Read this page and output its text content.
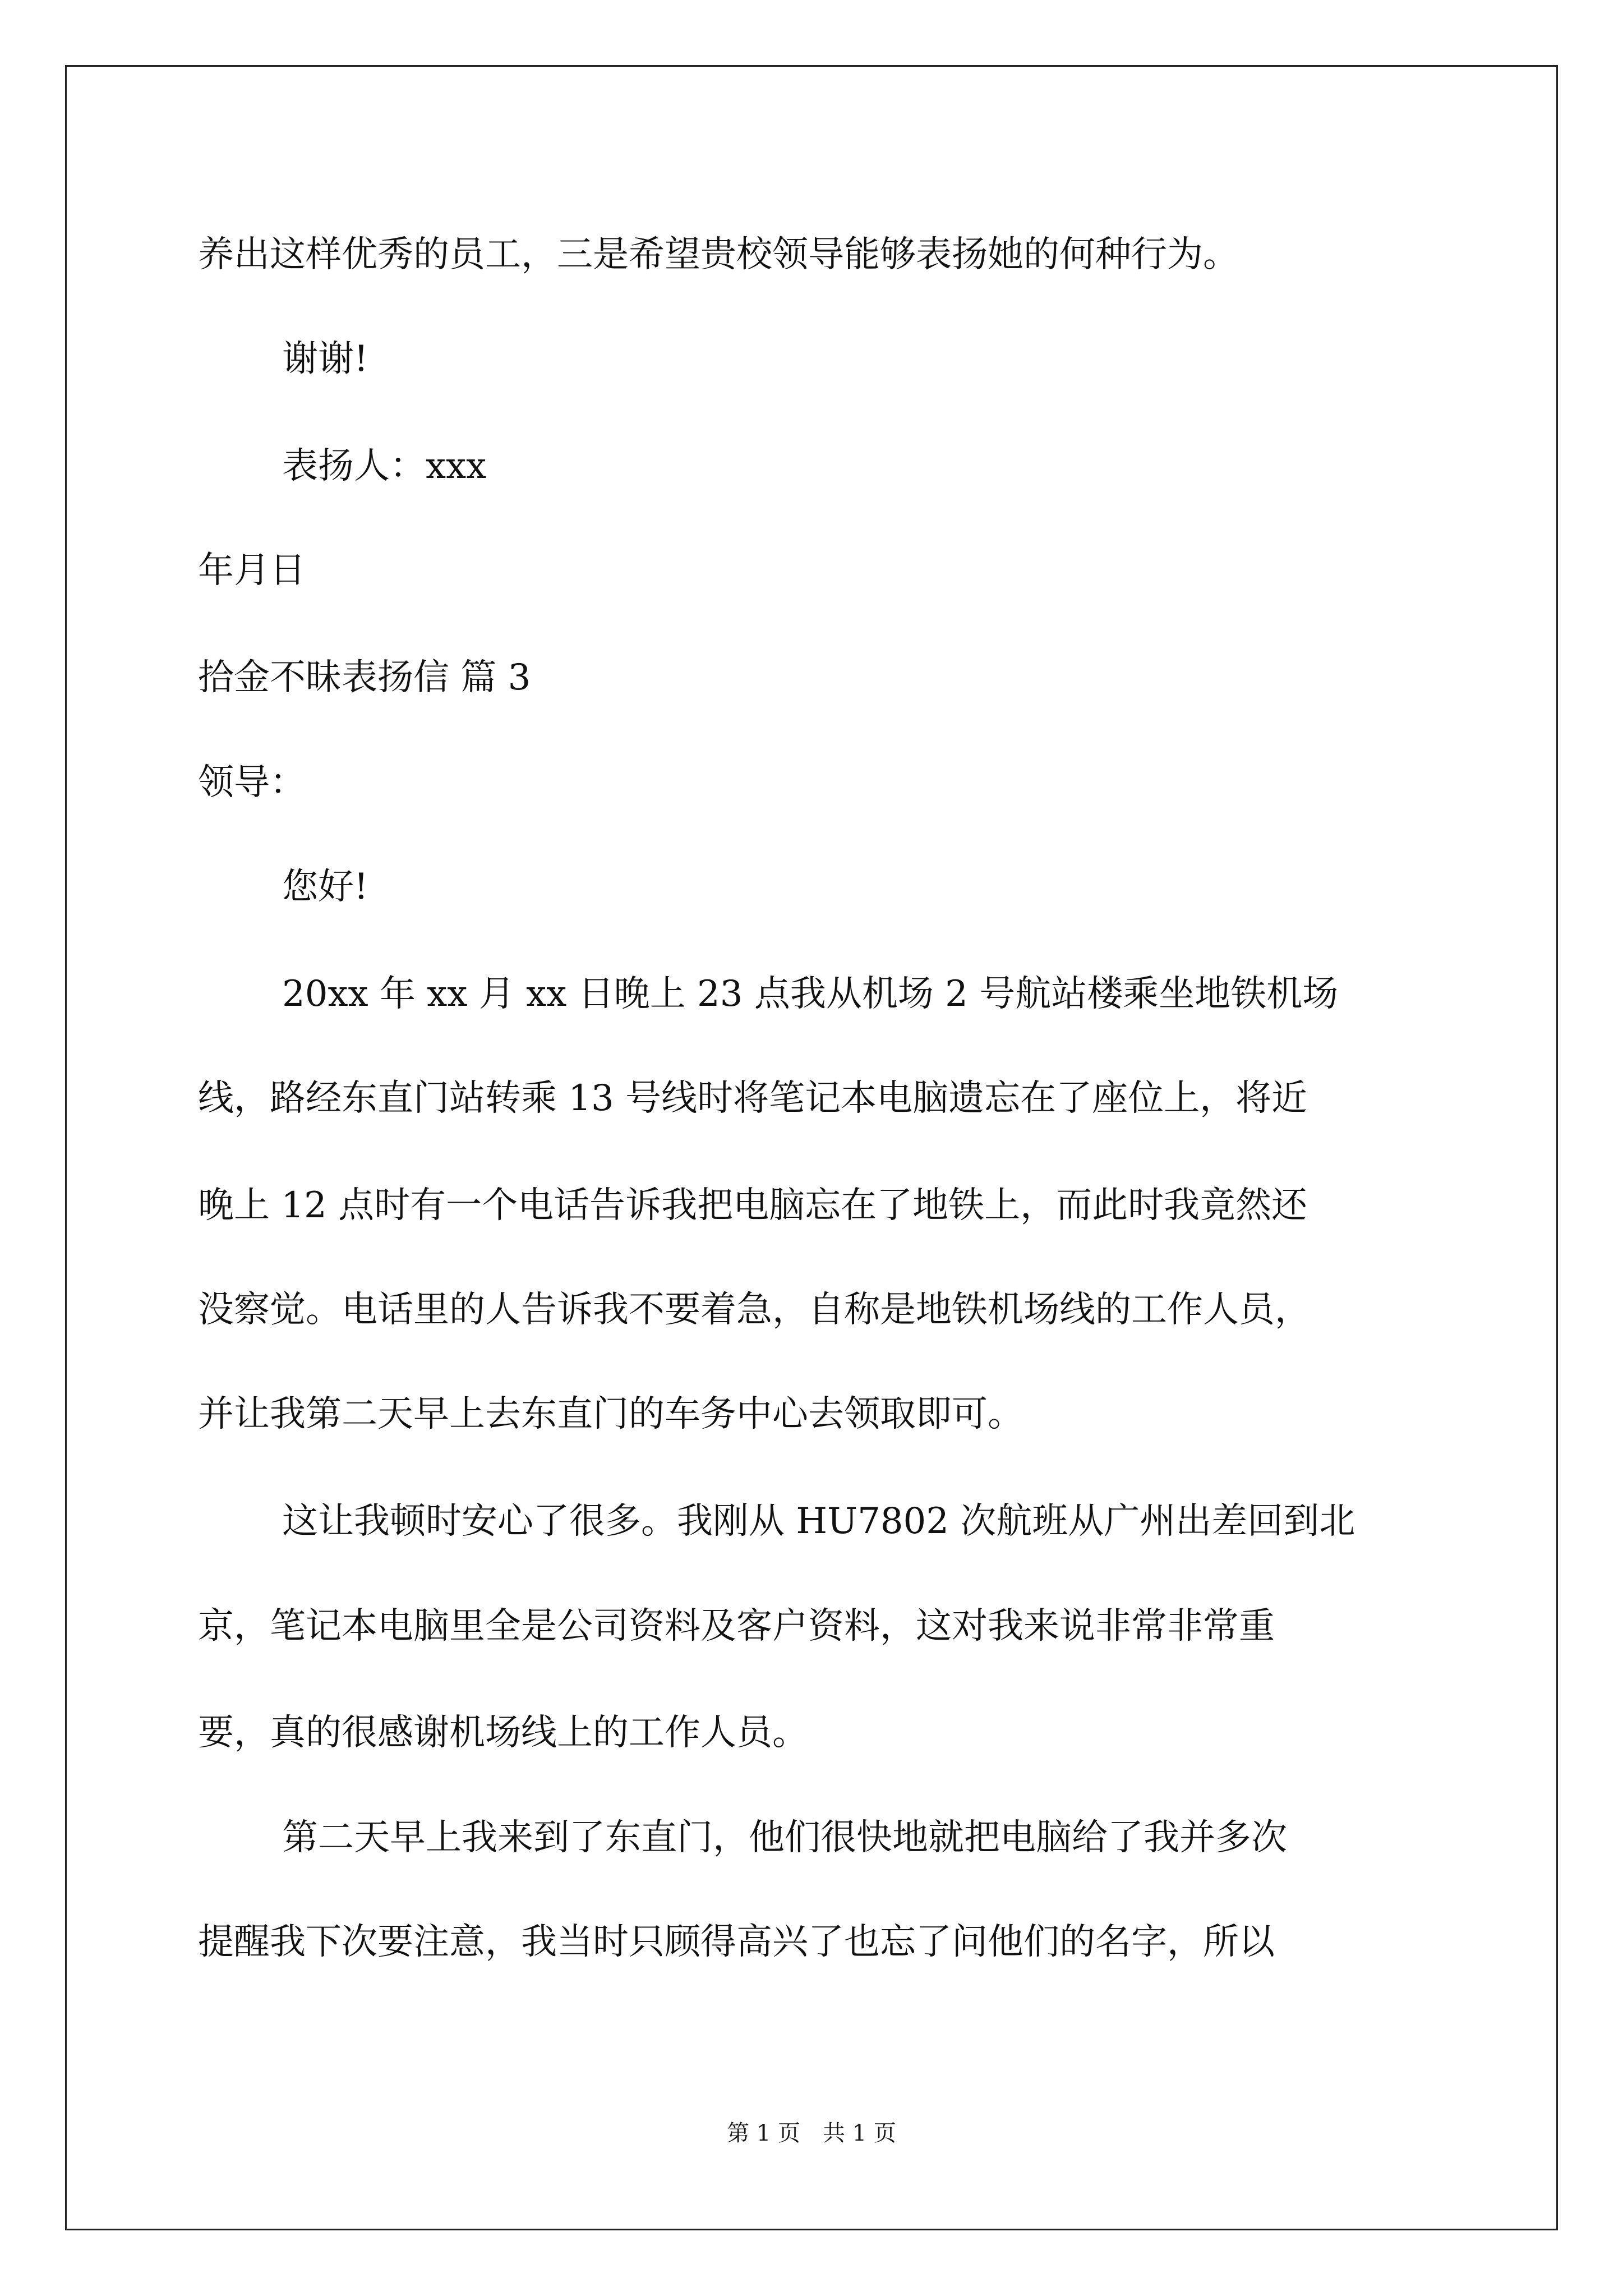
养出这样优秀的员工，三是希望贵校领导能够表扬她的何种行为。
谢谢!
表扬人：xxx
年月日
拾金不昧表扬信 篇 3
领导：
您好!
20xx 年 xx 月 xx 日晚上 23 点我从机场 2 号航站楼乘坐地铁机场
线，路经东直门站转乘 13 号线时将笔记本电脑遗忘在了座位上，将近
晚上 12 点时有一个电话告诉我把电脑忘在了地铁上，而此时我竟然还
没察觉。电话里的人告诉我不要着急，自称是地铁机场线的工作人员，
并让我第二天早上去东直门的车务中心去领取即可。
这让我顿时安心了很多。我刚从 HU7802 次航班从广州出差回到北
京，笔记本电脑里全是公司资料及客户资料，这对我来说非常非常重
要，真的很感谢机场线上的工作人员。
第二天早上我来到了东直门，他们很快地就把电脑给了我并多次
提醒我下次要注意，我当时只顾得高兴了也忘了问他们的名字，所以
第 1 页 共 1 页
